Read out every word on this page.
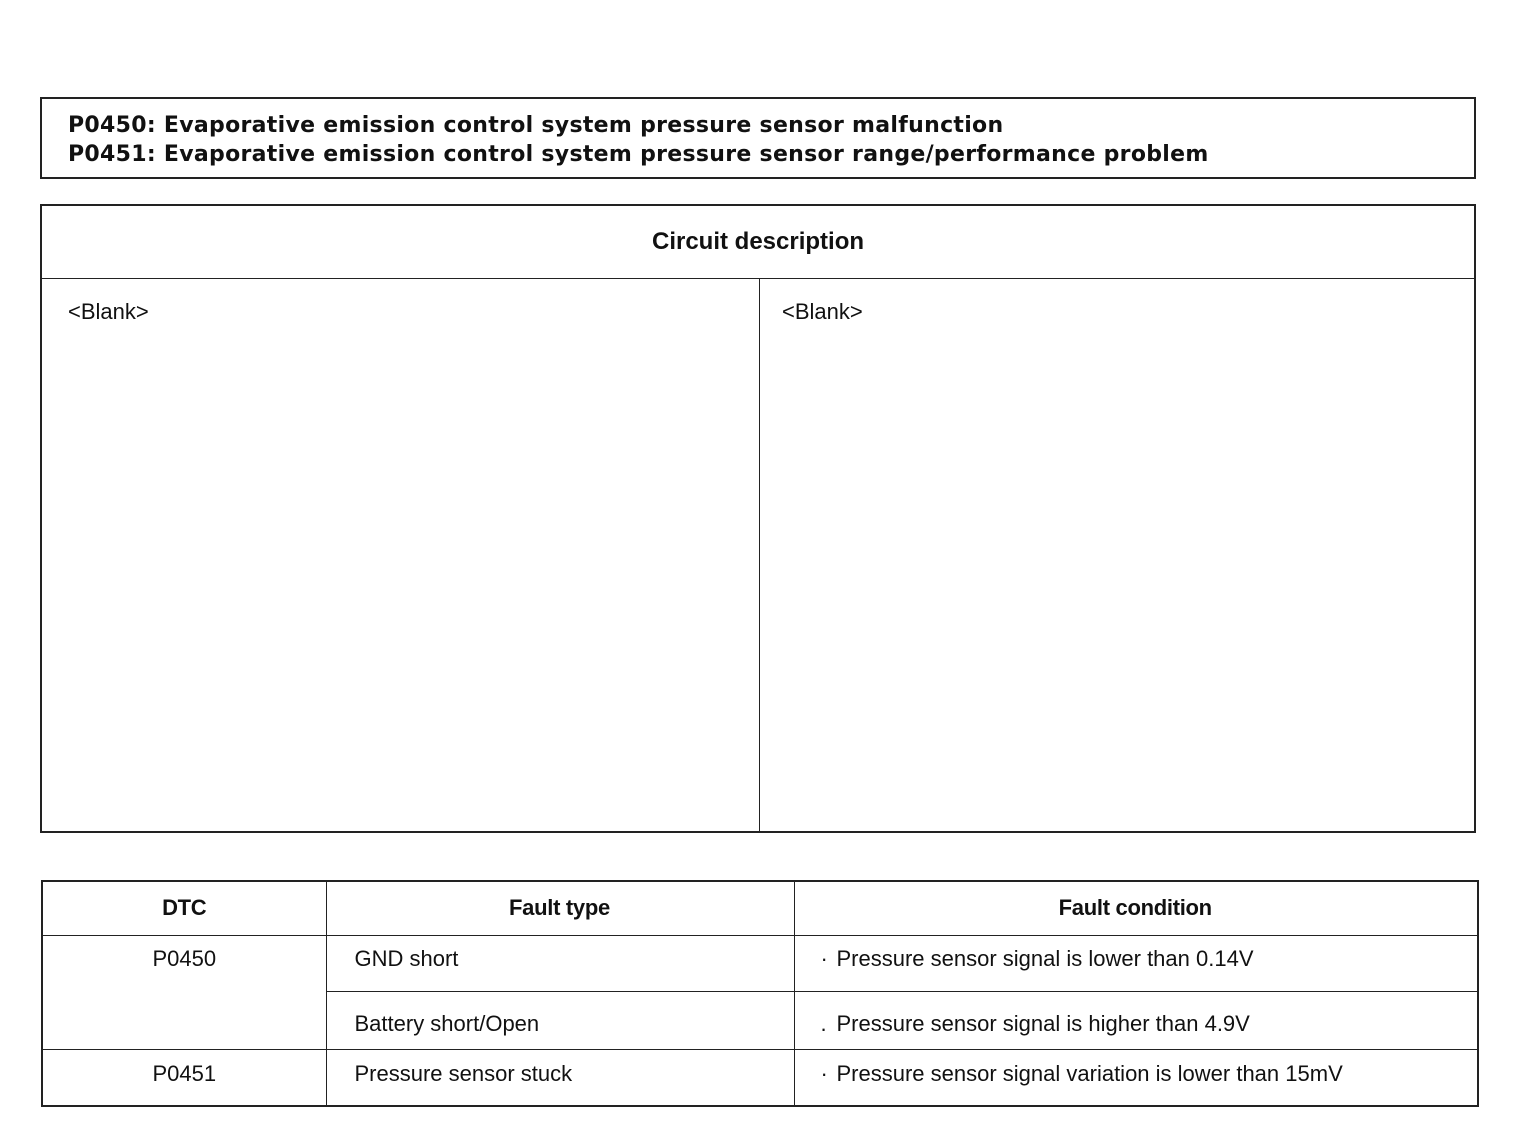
P0450: Evaporative emission control system pressure sensor malfunction
P0451: Evaporative emission control system pressure sensor range/performance problem
Circuit description
<Blank>	<Blank>
DTC	Fault type	Fault condition
P0450	GND short	· Pressure sensor signal is lower than 0.14V
	Battery short/Open	. Pressure sensor signal is higher than 4.9V
P0451	Pressure sensor stuck	· Pressure sensor signal variation is lower than 15mV
